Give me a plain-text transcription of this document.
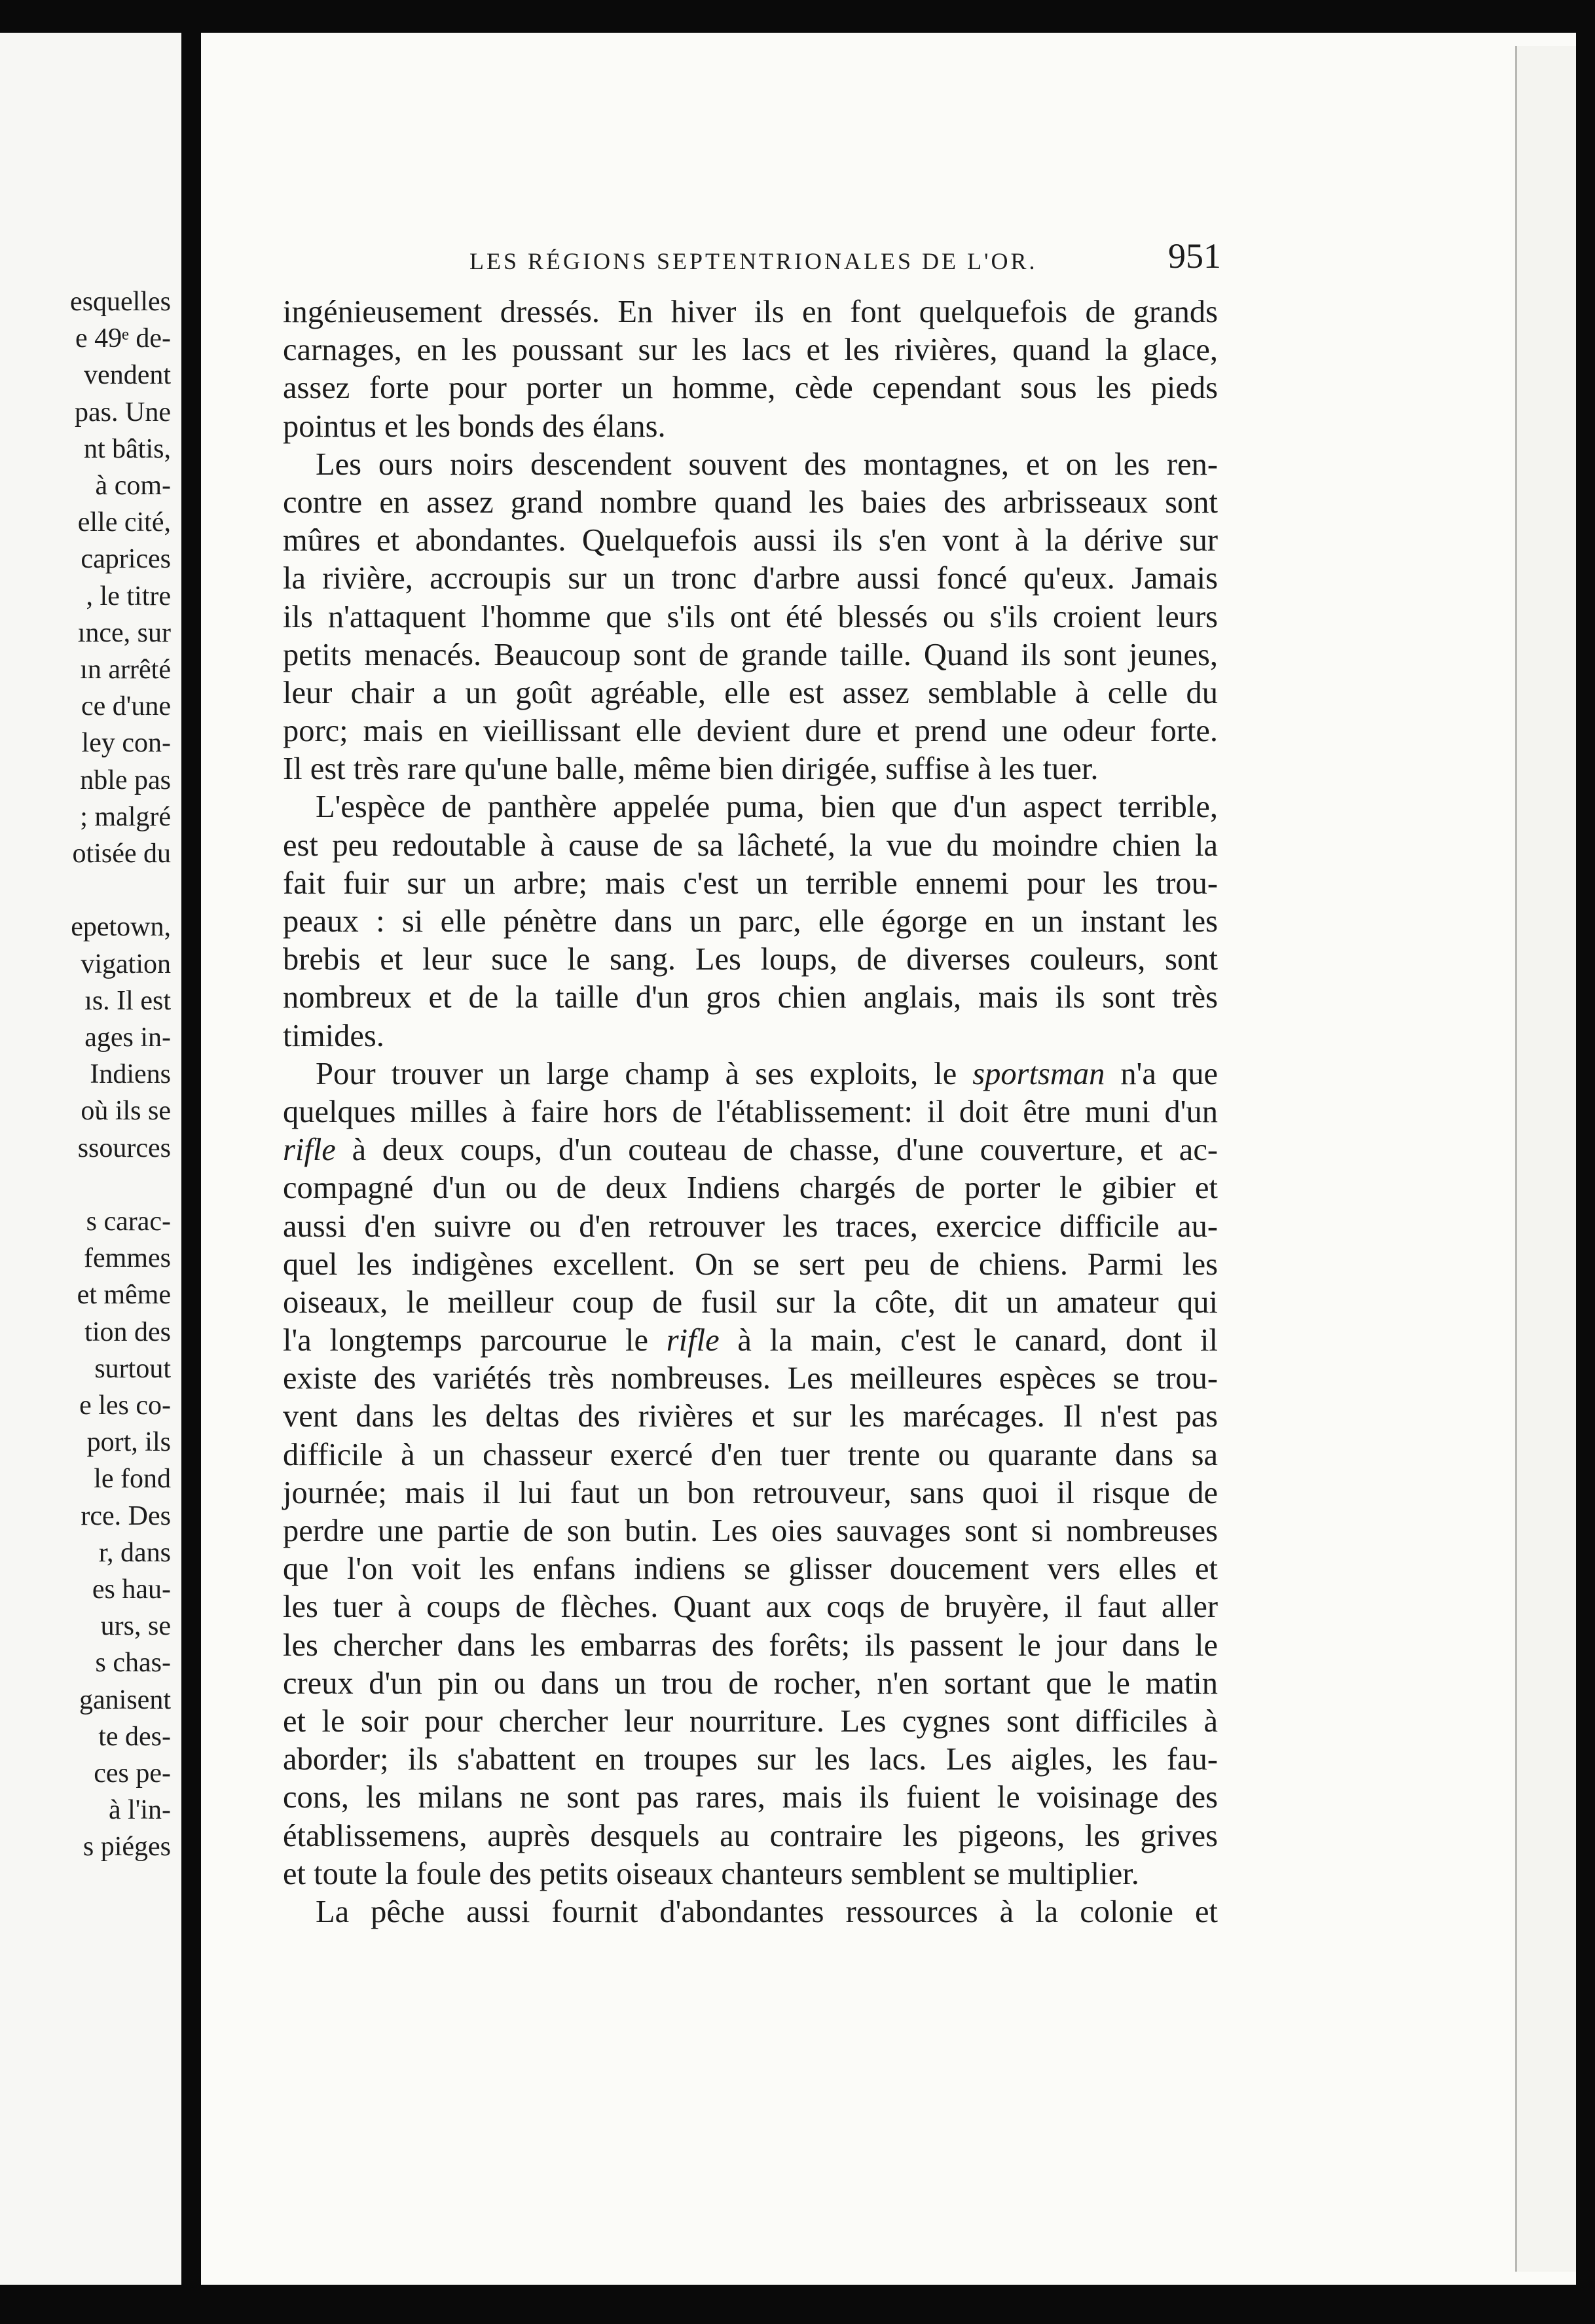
esquelles
e 49ᵉ de-
vendent
pas. Une
nt bâtis,
à com-
elle cité,
caprices
, le titre
ınce, sur
ın arrêté
ce d'une
ley con-
nble pas
; malgré
otisée du
epetown,
vigation
ıs. Il est
ages in-
Indiens
où ils se
ssources
s carac-
femmes
et même
tion des
surtout
e les co-
port, ils
le fond
rce. Des
r, dans
es hau-
urs, se
s chas-
ganisent
te des-
ces pe-
à l'in-
s piéges
LES RÉGIONS SEPTENTRIONALES DE L'OR.	951
ingénieusement dressés. En hiver ils en font quelquefois de grands
carnages, en les poussant sur les lacs et les rivières, quand la glace,
assez forte pour porter un homme, cède cependant sous les pieds
pointus et les bonds des élans.
Les ours noirs descendent souvent des montagnes, et on les ren-
contre en assez grand nombre quand les baies des arbrisseaux sont
mûres et abondantes. Quelquefois aussi ils s'en vont à la dérive sur
la rivière, accroupis sur un tronc d'arbre aussi foncé qu'eux. Jamais
ils n'attaquent l'homme que s'ils ont été blessés ou s'ils croient leurs
petits menacés. Beaucoup sont de grande taille. Quand ils sont jeunes,
leur chair a un goût agréable, elle est assez semblable à celle du
porc; mais en vieillissant elle devient dure et prend une odeur forte.
Il est très rare qu'une balle, même bien dirigée, suffise à les tuer.
L'espèce de panthère appelée puma, bien que d'un aspect terrible,
est peu redoutable à cause de sa lâcheté, la vue du moindre chien la
fait fuir sur un arbre; mais c'est un terrible ennemi pour les trou-
peaux : si elle pénètre dans un parc, elle égorge en un instant les
brebis et leur suce le sang. Les loups, de diverses couleurs, sont
nombreux et de la taille d'un gros chien anglais, mais ils sont très
timides.
Pour trouver un large champ à ses exploits, le sportsman n'a que
quelques milles à faire hors de l'établissement: il doit être muni d'un
rifle à deux coups, d'un couteau de chasse, d'une couverture, et ac-
compagné d'un ou de deux Indiens chargés de porter le gibier et
aussi d'en suivre ou d'en retrouver les traces, exercice difficile au-
quel les indigènes excellent. On se sert peu de chiens. Parmi les
oiseaux, le meilleur coup de fusil sur la côte, dit un amateur qui
l'a longtemps parcourue le rifle à la main, c'est le canard, dont il
existe des variétés très nombreuses. Les meilleures espèces se trou-
vent dans les deltas des rivières et sur les marécages. Il n'est pas
difficile à un chasseur exercé d'en tuer trente ou quarante dans sa
journée; mais il lui faut un bon retrouveur, sans quoi il risque de
perdre une partie de son butin. Les oies sauvages sont si nombreuses
que l'on voit les enfans indiens se glisser doucement vers elles et
les tuer à coups de flèches. Quant aux coqs de bruyère, il faut aller
les chercher dans les embarras des forêts; ils passent le jour dans le
creux d'un pin ou dans un trou de rocher, n'en sortant que le matin
et le soir pour chercher leur nourriture. Les cygnes sont difficiles à
aborder; ils s'abattent en troupes sur les lacs. Les aigles, les fau-
cons, les milans ne sont pas rares, mais ils fuient le voisinage des
établissemens, auprès desquels au contraire les pigeons, les grives
et toute la foule des petits oiseaux chanteurs semblent se multiplier.
La pêche aussi fournit d'abondantes ressources à la colonie et
